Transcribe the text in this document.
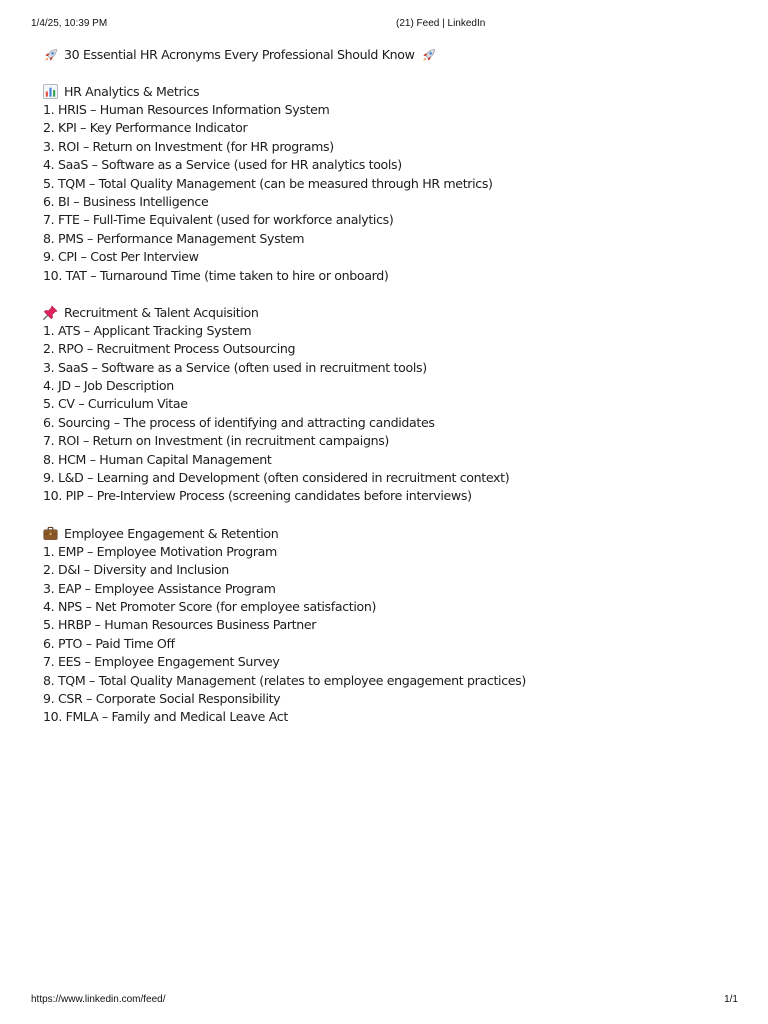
1/4/25, 10:39 PM	(21) Feed | LinkedIn
30 Essential HR Acronyms Every Professional Should Know
HR Analytics & Metrics
1. HRIS – Human Resources Information System
2. KPI – Key Performance Indicator
3. ROI – Return on Investment (for HR programs)
4. SaaS – Software as a Service (used for HR analytics tools)
5. TQM – Total Quality Management (can be measured through HR metrics)
6. BI – Business Intelligence
7. FTE – Full-Time Equivalent (used for workforce analytics)
8. PMS – Performance Management System
9. CPI – Cost Per Interview
10. TAT – Turnaround Time (time taken to hire or onboard)
Recruitment & Talent Acquisition
1. ATS – Applicant Tracking System
2. RPO – Recruitment Process Outsourcing
3. SaaS – Software as a Service (often used in recruitment tools)
4. JD – Job Description
5. CV – Curriculum Vitae
6. Sourcing – The process of identifying and attracting candidates
7. ROI – Return on Investment (in recruitment campaigns)
8. HCM – Human Capital Management
9. L&D – Learning and Development (often considered in recruitment context)
10. PIP – Pre-Interview Process (screening candidates before interviews)
Employee Engagement & Retention
1. EMP – Employee Motivation Program
2. D&I – Diversity and Inclusion
3. EAP – Employee Assistance Program
4. NPS – Net Promoter Score (for employee satisfaction)
5. HRBP – Human Resources Business Partner
6. PTO – Paid Time Off
7. EES – Employee Engagement Survey
8. TQM – Total Quality Management (relates to employee engagement practices)
9. CSR – Corporate Social Responsibility
10. FMLA – Family and Medical Leave Act
https://www.linkedin.com/feed/	1/1
